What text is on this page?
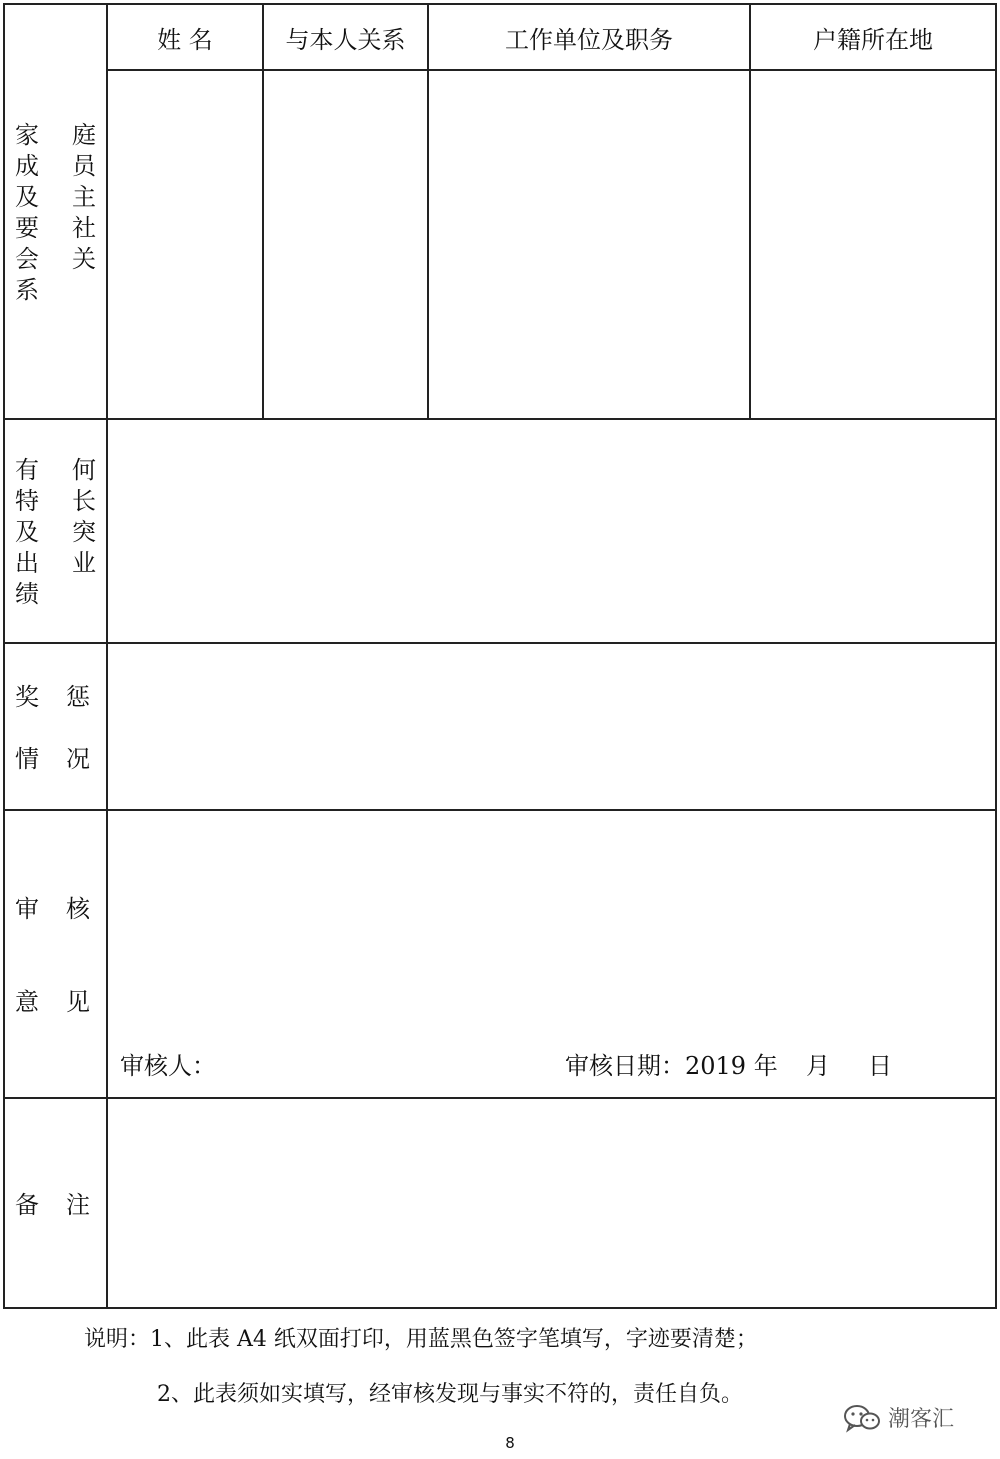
姓 名	与本人关系	工作单位及职务	户籍所在地
家 庭
成 员
及 主
要 社
会 关
系
有 何
特 长
及 突
出 业
绩
奖 惩
情 况
审 核
意 见
审核人：	审核日期：2019 年 月 日
备 注
说明：1、此表 A4 纸双面打印，用蓝黑色签字笔填写，字迹要清楚；
2、此表须如实填写，经审核发现与事实不符的，责任自负。
潮客汇
8
